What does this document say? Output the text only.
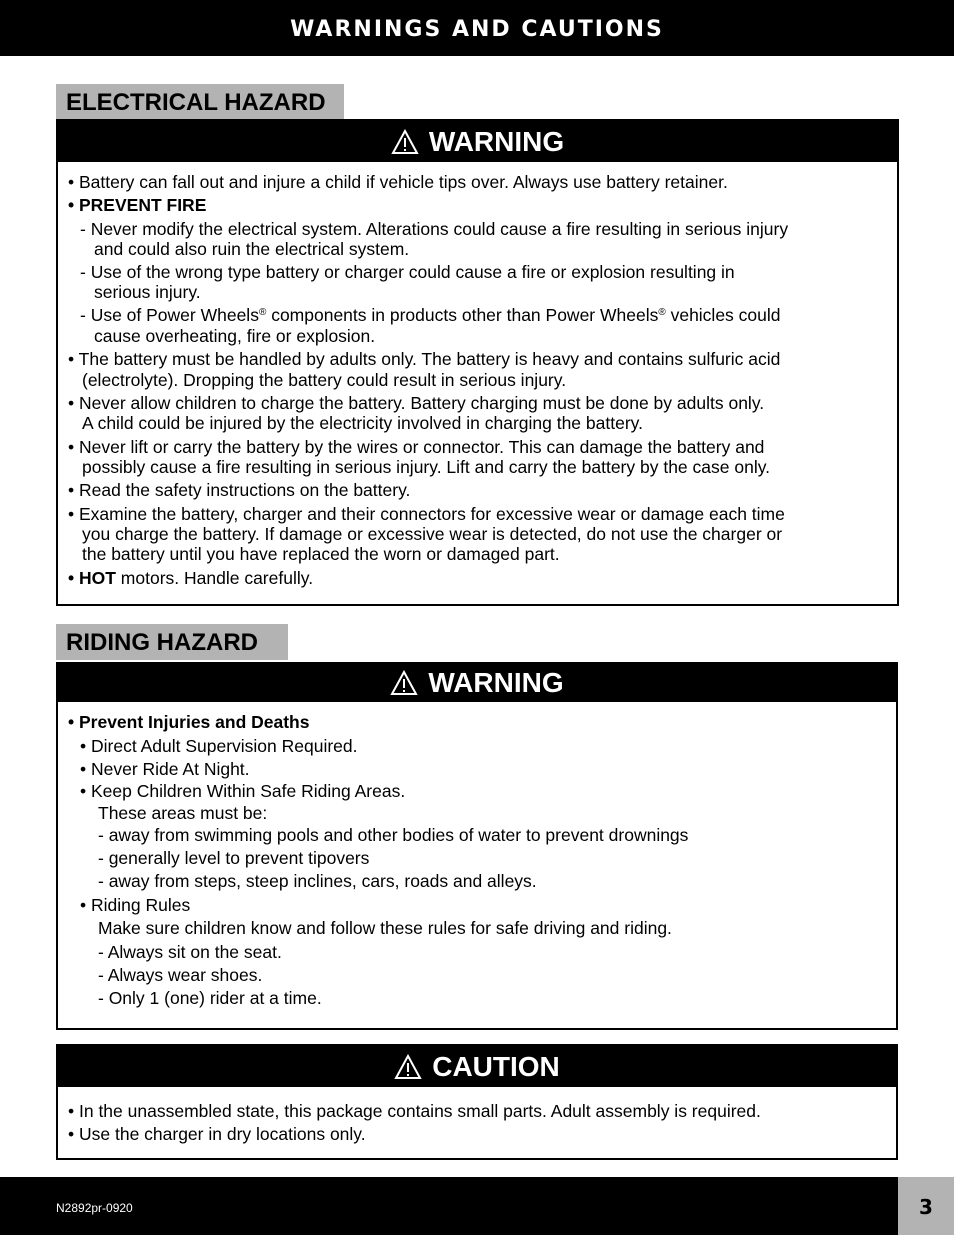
WARNINGS AND CAUTIONS
ELECTRICAL HAZARD
WARNING
• Battery can fall out and injure a child if vehicle tips over. Always use battery retainer.
• PREVENT FIRE
- Never modify the electrical system. Alterations could cause a fire resulting in serious injury
and could also ruin the electrical system.
- Use of the wrong type battery or charger could cause a fire or explosion resulting in
serious injury.
- Use of Power Wheels® components in products other than Power Wheels® vehicles could
cause overheating, fire or explosion.
• The battery must be handled by adults only. The battery is heavy and contains sulfuric acid
(electrolyte). Dropping the battery could result in serious injury.
• Never allow children to charge the battery. Battery charging must be done by adults only.
A child could be injured by the electricity involved in charging the battery.
• Never lift or carry the battery by the wires or connector. This can damage the battery and
possibly cause a fire resulting in serious injury. Lift and carry the battery by the case only.
• Read the safety instructions on the battery.
• Examine the battery, charger and their connectors for excessive wear or damage each time
you charge the battery. If damage or excessive wear is detected, do not use the charger or
the battery until you have replaced the worn or damaged part.
• HOT motors. Handle carefully.
RIDING HAZARD
WARNING
• Prevent Injuries and Deaths
• Direct Adult Supervision Required.
• Never Ride At Night.
• Keep Children Within Safe Riding Areas.
These areas must be:
- away from swimming pools and other bodies of water to prevent drownings
- generally level to prevent tipovers
- away from steps, steep inclines, cars, roads and alleys.
• Riding Rules
Make sure children know and follow these rules for safe driving and riding.
- Always sit on the seat.
- Always wear shoes.
- Only 1 (one) rider at a time.
CAUTION
• In the unassembled state, this package contains small parts. Adult assembly is required.
• Use the charger in dry locations only.
N2892pr-0920	3
